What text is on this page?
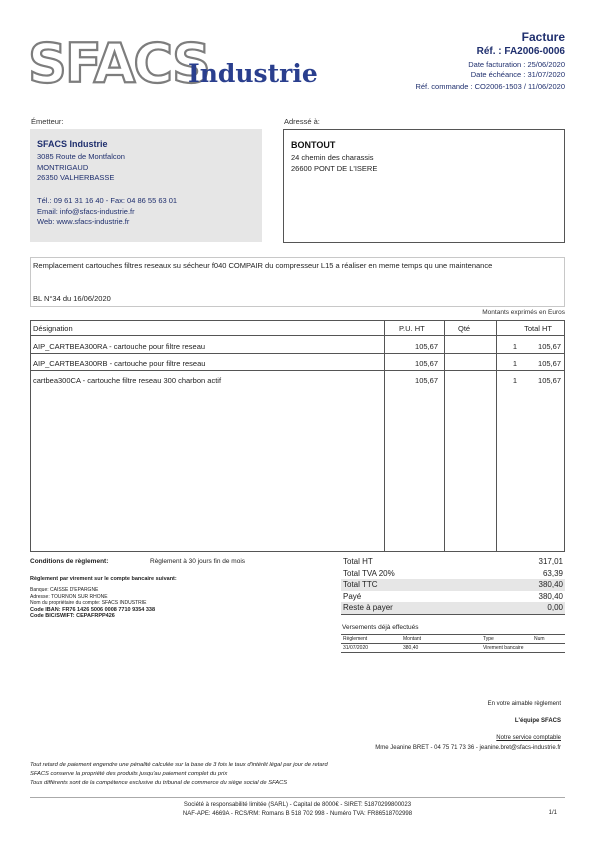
SFACS
Industrie
Facture
Réf. : FA2006-0006
Date facturation : 25/06/2020
Date échéance : 31/07/2020
Réf. commande : CO2006-1503 / 11/06/2020
Émetteur:
SFACS Industrie
3085 Route de Montfalcon
MONTRIGAUD
26350 VALHERBASSE
Tél.: 09 61 31 16 40 - Fax: 04 86 55 63 01
Email: info@sfacs-industrie.fr
Web: www.sfacs-industrie.fr
Adressé à:
BONTOUT
24 chemin des charassis
26600 PONT DE L'ISERE
Remplacement cartouches filtres reseaux su sécheur f040 COMPAIR du compresseur L15 a réaliser en meme temps qu une maintenance
BL N°34 du 16/06/2020
Montants exprimés en Euros
Désignation	P.U. HT	Qté	Total HT
AIP_CARTBEA300RA - cartouche pour filtre reseau	105,67	1	105,67
AIP_CARTBEA300RB - cartouche pour filtre reseau	105,67	1	105,67
cartbea300CA - cartouche filtre reseau 300 charbon actif	105,67	1	105,67
Conditions de règlement:	Règlement à 30 jours fin de mois
Règlement par virement sur le compte bancaire suivant:
Banque: CAISSE D'EPARGNE
Adresse: TOURNON SUR RHONE
Nom du propriétaire du compte: SFACS INDUSTRIE
Code IBAN: FR76 1426 5006 0008 7710 9354 338
Code BIC/SWIFT: CEPAFRPP426
Total HT	317,01
Total TVA 20%	63,39
Total TTC	380,40
Payé	380,40
Reste à payer	0,00
Versements déjà effectués
Règlement	Montant	Type	Num
31/07/2020	380,40	Virement bancaire
En votre aimable règlement
L'équipe SFACS
Notre service comptable
Mme Jeanine BRET - 04 75 71 73 36 - jeanine.bret@sfacs-industrie.fr
Tout retard de paiement engendre une pénalité calculée sur la base de 3 fois le taux d'intérêt légal par jour de retard
SFACS conserve la propriété des produits jusqu'au paiement complet du prix
Tous différents sont de la compétence exclusive du tribunal de commerce du siège social de SFACS
Société à responsabilité limitée (SARL) - Capital de 8000€ - SIRET: 51870299800023
NAF-APE: 4669A - RCS/RM: Romans B 518 702 998 - Numéro TVA: FR86518702998	1/1
